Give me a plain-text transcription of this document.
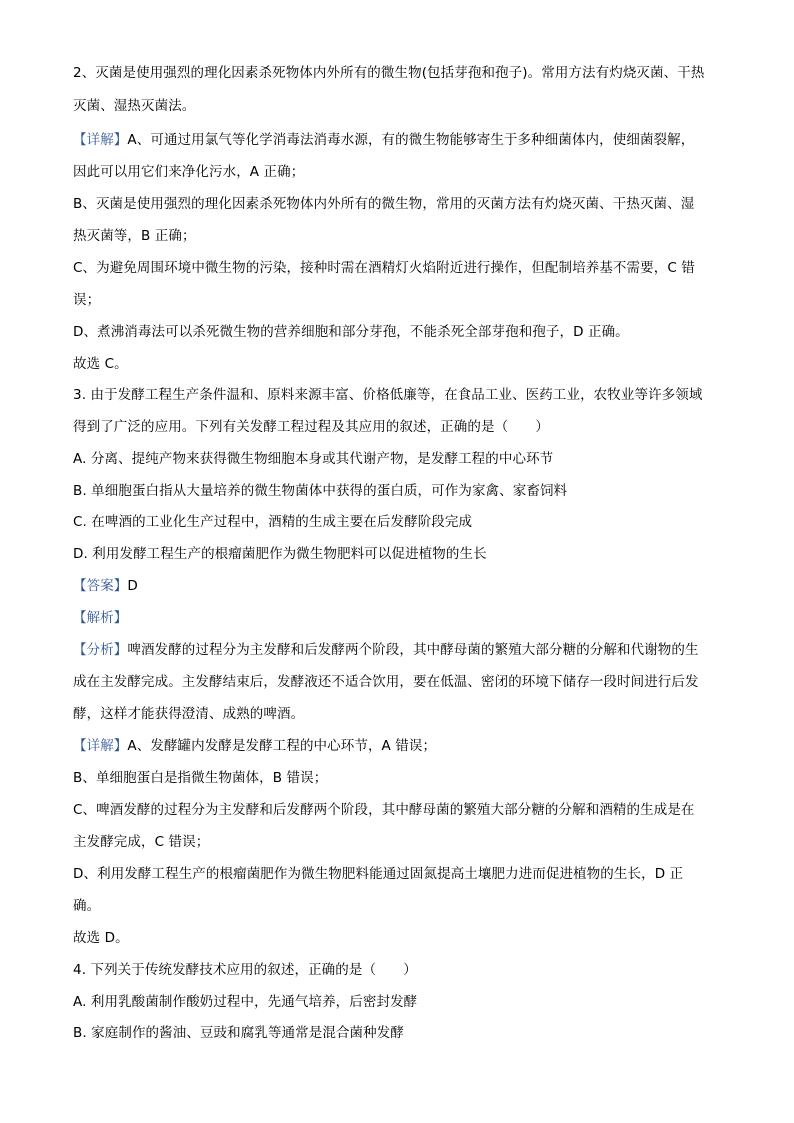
2、灭菌是使用强烈的理化因素杀死物体内外所有的微生物(包括芽孢和孢子)。常用方法有灼烧灭菌、干热
灭菌、湿热灭菌法。
【详解】A、可通过用氯气等化学消毒法消毒水源，有的微生物能够寄生于多种细菌体内，使细菌裂解，
因此可以用它们来净化污水，A 正确；
B、灭菌是使用强烈的理化因素杀死物体内外所有的微生物，常用的灭菌方法有灼烧灭菌、干热灭菌、湿
热灭菌等，B 正确；
C、为避免周围环境中微生物的污染，接种时需在酒精灯火焰附近进行操作，但配制培养基不需要，C 错
误；
D、煮沸消毒法可以杀死微生物的营养细胞和部分芽孢，不能杀死全部芽孢和孢子，D 正确。
故选 C。
3. 由于发酵工程生产条件温和、原料来源丰富、价格低廉等，在食品工业、医药工业，农牧业等许多领域
得到了广泛的应用。下列有关发酵工程过程及其应用的叙述，正确的是（　　）
A. 分离、提纯产物来获得微生物细胞本身或其代谢产物，是发酵工程的中心环节
B. 单细胞蛋白指从大量培养的微生物菌体中获得的蛋白质，可作为家禽、家畜饲料
C. 在啤酒的工业化生产过程中，酒精的生成主要在后发酵阶段完成
D. 利用发酵工程生产的根瘤菌肥作为微生物肥料可以促进植物的生长
【答案】D
【解析】
【分析】啤酒发酵的过程分为主发酵和后发酵两个阶段，其中酵母菌的繁殖大部分糖的分解和代谢物的生
成在主发酵完成。主发酵结束后，发酵液还不适合饮用，要在低温、密闭的环境下储存一段时间进行后发
酵，这样才能获得澄清、成熟的啤酒。
【详解】A、发酵罐内发酵是发酵工程的中心环节，A 错误；
B、单细胞蛋白是指微生物菌体，B 错误；
C、啤酒发酵的过程分为主发酵和后发酵两个阶段，其中酵母菌的繁殖大部分糖的分解和酒精的生成是在
主发酵完成，C 错误；
D、利用发酵工程生产的根瘤菌肥作为微生物肥料能通过固氮提高土壤肥力进而促进植物的生长，D 正
确。
故选 D。
4. 下列关于传统发酵技术应用的叙述，正确的是（　　）
A. 利用乳酸菌制作酸奶过程中，先通气培养，后密封发酵
B. 家庭制作的酱油、豆豉和腐乳等通常是混合菌种发酵
